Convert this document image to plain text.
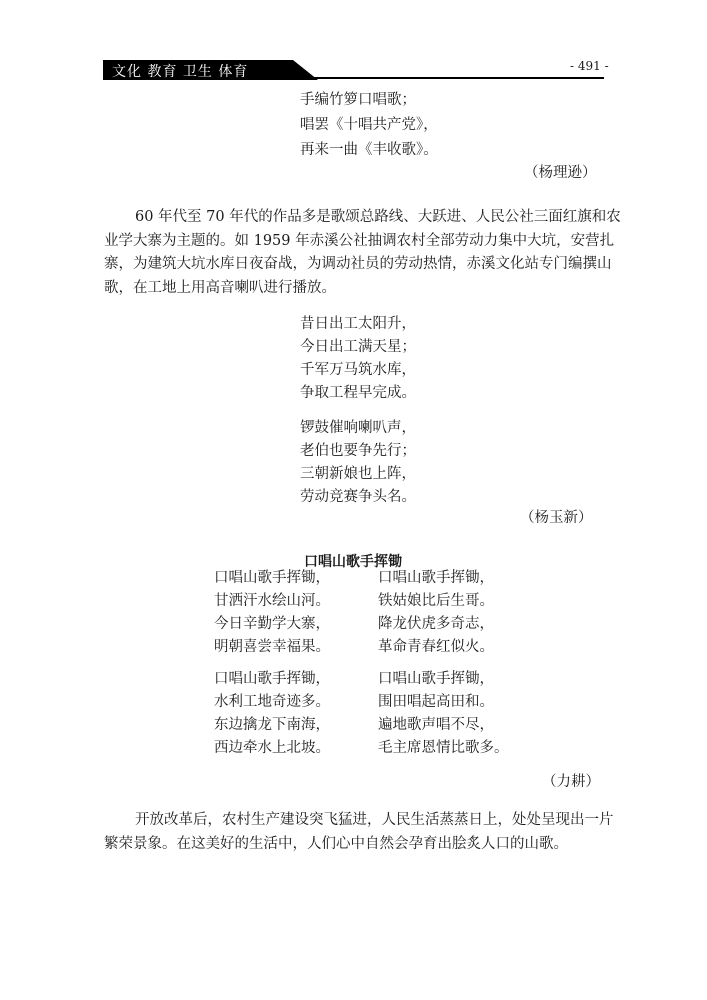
文化 教育 卫生 体育	- 491 -
手编竹箩口唱歌；
唱罢《十唱共产党》，
再来一曲《丰收歌》。
（杨理逊）
60 年代至 70 年代的作品多是歌颂总路线、大跃进、人民公社三面红旗和农
业学大寨为主题的。如 1959 年赤溪公社抽调农村全部劳动力集中大坑，安营扎
寨，为建筑大坑水库日夜奋战，为调动社员的劳动热情，赤溪文化站专门编撰山
歌，在工地上用高音喇叭进行播放。
昔日出工太阳升，
今日出工满天星；
千军万马筑水库，
争取工程早完成。
锣鼓催响喇叭声，
老伯也要争先行；
三朝新娘也上阵，
劳动竞赛争头名。
（杨玉新）
口唱山歌手挥锄
口唱山歌手挥锄，
甘洒汗水绘山河。
今日辛勤学大寨，
明朝喜尝幸福果。
口唱山歌手挥锄，
铁姑娘比后生哥。
降龙伏虎多奇志，
革命青春红似火。
口唱山歌手挥锄，
水利工地奇迹多。
东边擒龙下南海，
西边牵水上北坡。
口唱山歌手挥锄，
围田唱起高田和。
遍地歌声唱不尽，
毛主席恩情比歌多。
（力耕）
开放改革后，农村生产建设突飞猛进，人民生活蒸蒸日上，处处呈现出一片
繁荣景象。在这美好的生活中，人们心中自然会孕育出脍炙人口的山歌。
